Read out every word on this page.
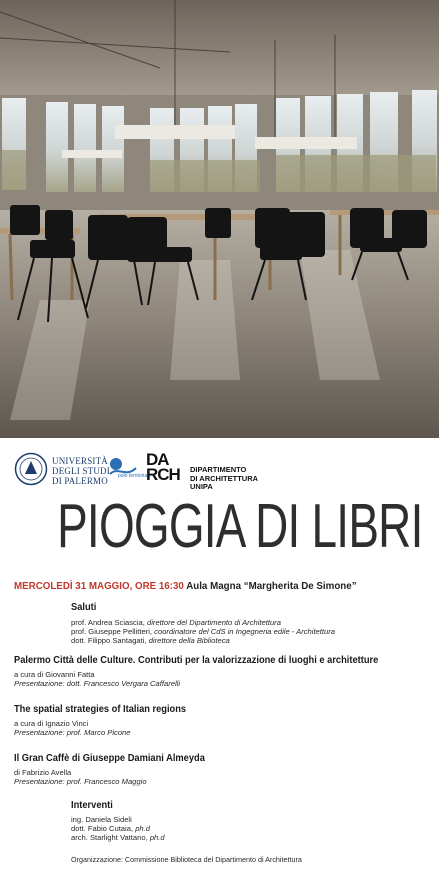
UNIVERSITÀ
DEGLI STUDI
DI PALERMO	polo territoriale
DA
RCH DIPARTIMENTO
DI ARCHITETTURA
UNIPA
PIOGGIA DI LIBRI
MERCOLEDÌ 31 MAGGIO, ORE 16:30 Aula Magna “Margherita De Simone”
Saluti
prof. Andrea Sciascia, direttore del Dipartimento di Architettura
prof. Giuseppe Pellitteri, coordinatore del CdS in Ingegneria edile - Architettura
dott. Filippo Santagati, direttore della Biblioteca
Palermo Città delle Culture. Contributi per la valorizzazione di luoghi e architetture
a cura di Giovanni Fatta
Presentazione: dott. Francesco Vergara Caffarelli
The spatial strategies of Italian regions
a cura di Ignazio Vinci
Presentazione: prof. Marco Picone
Il Gran Caffè di Giuseppe Damiani Almeyda
di Fabrizio Avella
Presentazione: prof. Francesco Maggio
Interventi
ing. Daniela Sideli
dott. Fabio Cutaia, ph.d
arch. Starlight Vattano, ph.d
Organizzazione: Commissione Biblioteca del Dipartimento di Architettura
